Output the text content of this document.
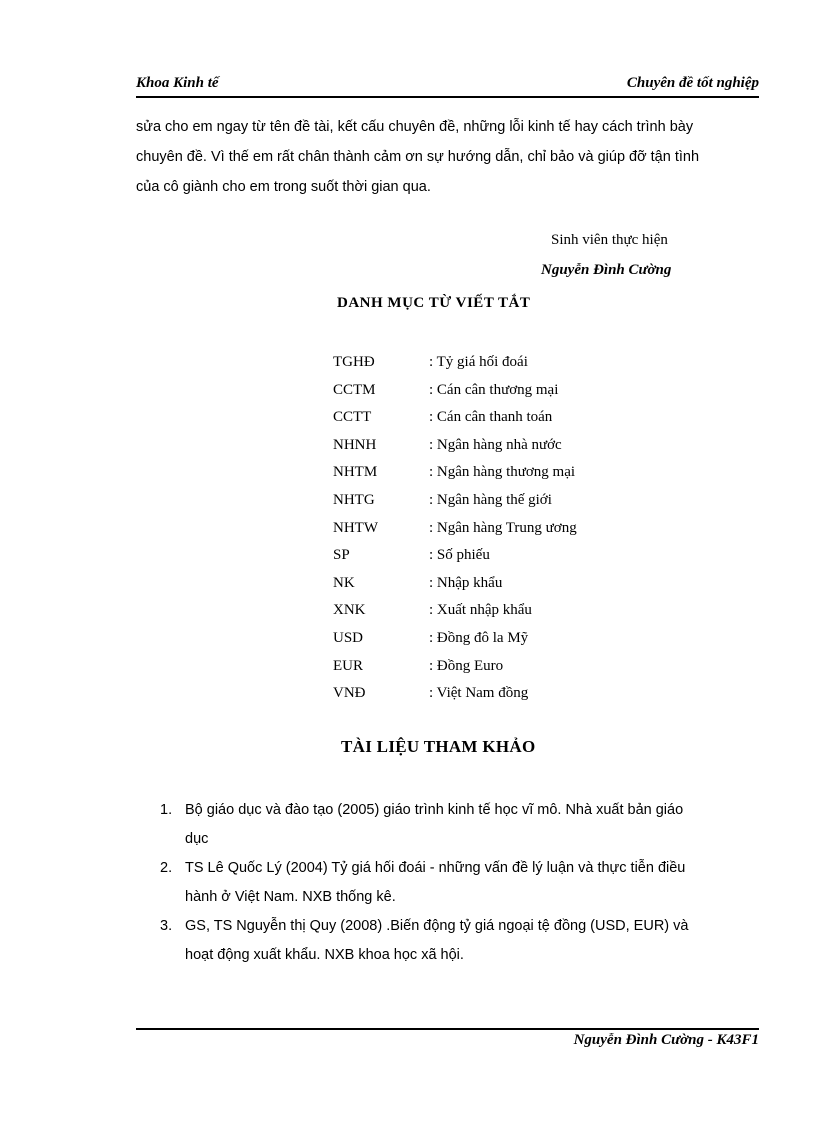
Khoa Kinh tế	Chuyên đề tốt nghiệp

sửa cho em ngay từ tên đề tài, kết cấu chuyên đề, những lỗi kinh tế hay cách trình bày
chuyên đề. Vì thế em rất chân thành cảm ơn sự hướng dẫn, chỉ bảo và giúp đỡ tận tình
của cô giành cho em trong suốt thời gian qua.

Sinh viên thực hiện
Nguyễn Đình Cường
DANH MỤC TỪ VIẾT TẮT
TGHĐ	: Tỷ giá hối đoái
CCTM	: Cán cân thương mại
CCTT	: Cán cân thanh toán
NHNH	: Ngân hàng nhà nước
NHTM	: Ngân hàng thương mại
NHTG	: Ngân hàng thế giới
NHTW	: Ngân hàng Trung ương
SP	: Số phiếu
NK	: Nhập khẩu
XNK	: Xuất nhập khẩu
USD	: Đồng đô la Mỹ
EUR	: Đồng Euro
VNĐ	: Việt Nam đồng
TÀI LIỆU THAM KHẢO
1. Bộ giáo dục và đào tạo (2005) giáo trình kinh tế học vĩ mô. Nhà xuất bản giáo
dục
2. TS Lê Quốc Lý (2004) Tỷ giá hối đoái - những vấn đề lý luận và thực tiễn điều
hành ở Việt Nam. NXB thống kê.
3. GS, TS Nguyễn thị Quy (2008) .Biến động tỷ giá ngoại tệ đồng (USD, EUR) và
hoạt động xuất khẩu. NXB khoa học xã hội.
Nguyễn Đình Cường - K43F1
